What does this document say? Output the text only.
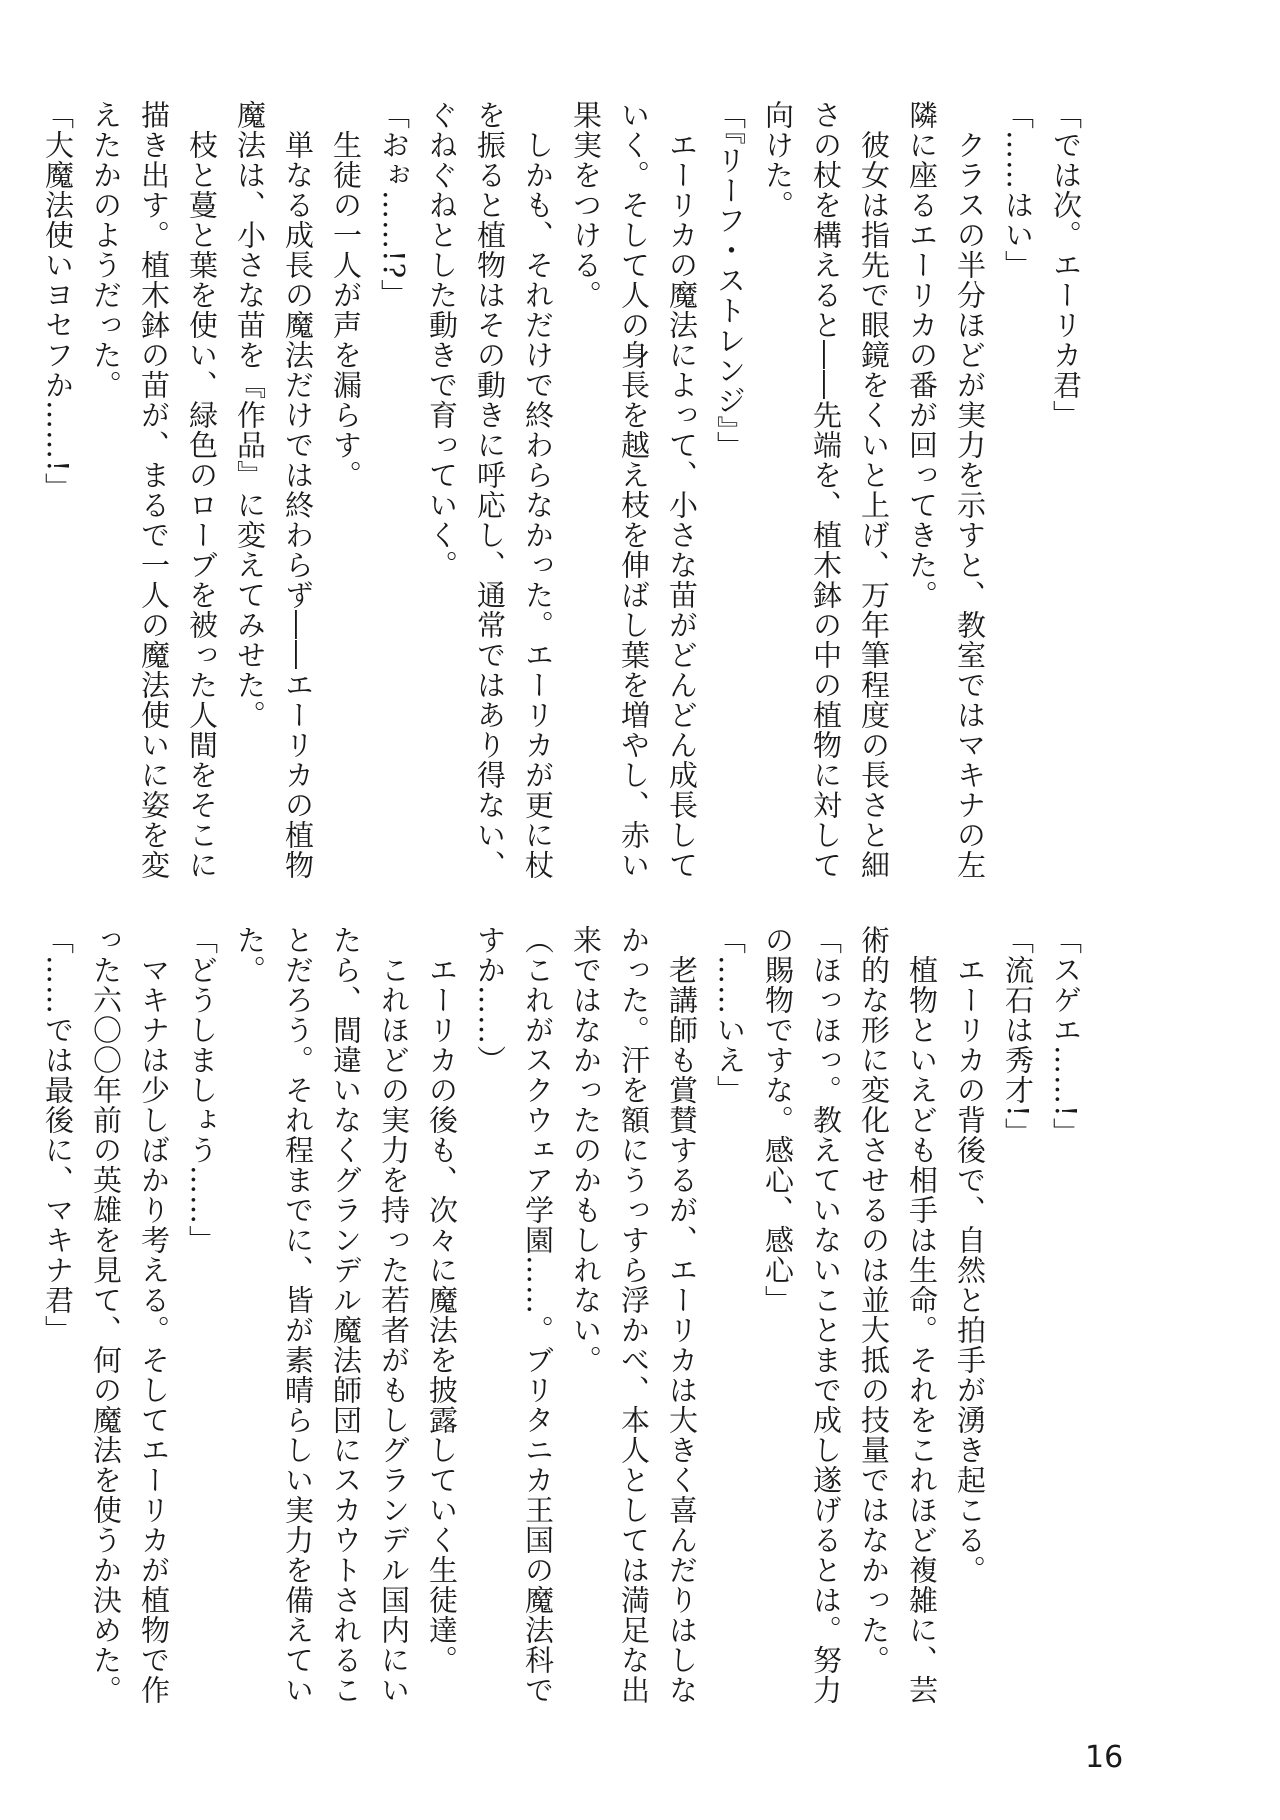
「では次。エーリカ君」
「……はい」
　クラスの半分ほどが実力を示すと、教室ではマキナの左
隣に座るエーリカの番が回ってきた。
　彼女は指先で眼鏡をくいと上げ、万年筆程度の長さと細
さの杖を構えると――先端を、植木鉢の中の植物に対して
向けた。
「『リーフ・ストレンジ』」
　エーリカの魔法によって、小さな苗がどんどん成長して
いく。そして人の身長を越え枝を伸ばし葉を増やし、赤い
果実をつける。
　しかも、それだけで終わらなかった。エーリカが更に杖
を振ると植物はその動きに呼応し、通常ではあり得ない、
ぐねぐねとした動きで育っていく。
「おぉ……!?」
　生徒の一人が声を漏らす。
　単なる成長の魔法だけでは終わらず――エーリカの植物
魔法は、小さな苗を『作品』に変えてみせた。
　枝と蔓と葉を使い、緑色のローブを被った人間をそこに
描き出す。植木鉢の苗が、まるで一人の魔法使いに姿を変
えたかのようだった。
「大魔法使いヨセフか……!」
「スゲエ……!」
「流石は秀才!」
　エーリカの背後で、自然と拍手が湧き起こる。
　植物といえども相手は生命。それをこれほど複雑に、芸
術的な形に変化させるのは並大抵の技量ではなかった。
「ほっほっ。教えていないことまで成し遂げるとは。努力
の賜物ですな。感心、感心」
「……いえ」
　老講師も賞賛するが、エーリカは大きく喜んだりはしな
かった。汗を額にうっすら浮かべ、本人としては満足な出
来ではなかったのかもしれない。
（これがスクウェア学園……。ブリタニカ王国の魔法科で
すか……）
　エーリカの後も、次々に魔法を披露していく生徒達。
　これほどの実力を持った若者がもしグランデル国内にい
たら、間違いなくグランデル魔法師団にスカウトされるこ
とだろう。それ程までに、皆が素晴らしい実力を備えてい
た。
「どうしましょう……」
　マキナは少しばかり考える。そしてエーリカが植物で作
った六〇〇年前の英雄を見て、何の魔法を使うか決めた。
「……では最後に、マキナ君」
16
